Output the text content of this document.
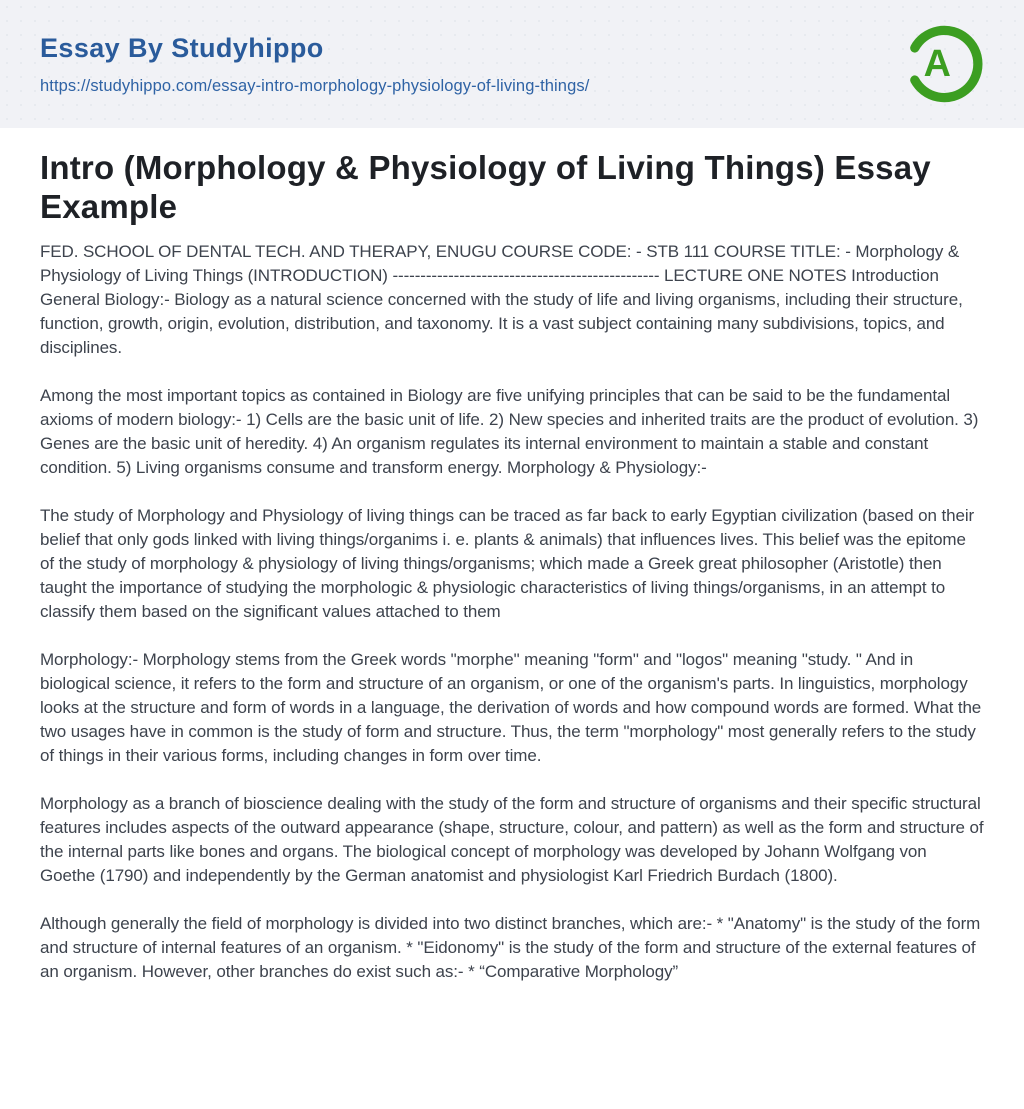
Essay By Studyhippo
https://studyhippo.com/essay-intro-morphology-physiology-of-living-things/
A
Intro (Morphology & Physiology of Living Things) Essay Example

FED. SCHOOL OF DENTAL TECH. AND THERAPY, ENUGU COURSE CODE: - STB 111 COURSE TITLE: - Morphology & Physiology of Living Things (INTRODUCTION) ------------------------------------------------ LECTURE ONE NOTES Introduction General Biology:- Biology as a natural science concerned with the study of life and living organisms, including their structure, function, growth, origin, evolution, distribution, and taxonomy. It is a vast subject containing many subdivisions, topics, and disciplines.

Among the most important topics as contained in Biology are five unifying principles that can be said to be the fundamental axioms of modern biology:- 1) Cells are the basic unit of life. 2) New species and inherited traits are the product of evolution. 3) Genes are the basic unit of heredity. 4) An organism regulates its internal environment to maintain a stable and constant condition. 5) Living organisms consume and transform energy. Morphology & Physiology:-

The study of Morphology and Physiology of living things can be traced as far back to early Egyptian civilization (based on their belief that only gods linked with living things/organims i. e. plants & animals) that influences lives. This belief was the epitome of the study of morphology & physiology of living things/organisms; which made a Greek great philosopher (Aristotle) then taught the importance of studying the morphologic & physiologic characteristics of living things/organisms, in an attempt to classify them based on the significant values attached to them

Morphology:- Morphology stems from the Greek words "morphe" meaning "form" and "logos" meaning "study. " And in biological science, it refers to the form and structure of an organism, or one of the organism's parts. In linguistics, morphology looks at the structure and form of words in a language, the derivation of words and how compound words are formed. What the two usages have in common is the study of form and structure. Thus, the term "morphology" most generally refers to the study of things in their various forms, including changes in form over time.

Morphology as a branch of bioscience dealing with the study of the form and structure of organisms and their specific structural features includes aspects of the outward appearance (shape, structure, colour, and pattern) as well as the form and structure of the internal parts like bones and organs. The biological concept of morphology was developed by Johann Wolfgang von Goethe (1790) and independently by the German anatomist and physiologist Karl Friedrich Burdach (1800).

Although generally the field of morphology is divided into two distinct branches, which are:- * "Anatomy" is the study of the form and structure of internal features of an organism. * "Eidonomy" is the study of the form and structure of the external features of an organism. However, other branches do exist such as:- * “Comparative Morphology”
